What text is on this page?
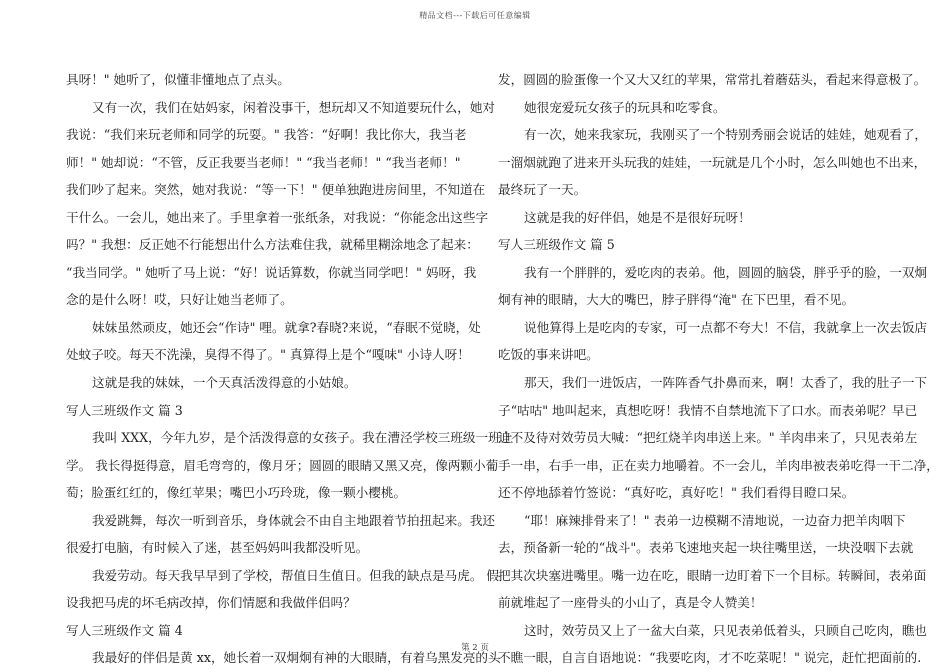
精品文档---下载后可任意编辑
具呀！" 她听了，似懂非懂地点了点头。
又有一次，我们在姑妈家，闲着没事干，想玩却又不知道要玩什么，她对
我说：“我们来玩老师和同学的玩耍。" 我答：“好啊！我比你大，我当老
师！" 她却说：“不管，反正我要当老师！" “我当老师！" “我当老师！"
我们吵了起来。突然，她对我说：“等一下！" 便单独跑进房间里，不知道在
干什么。一会儿，她出来了。手里拿着一张纸条，对我说：“你能念出这些字
吗？" 我想：反正她不行能想出什么方法难住我，就稀里糊涂地念了起来：
“我当同学。" 她听了马上说：“好！说话算数，你就当同学吧！" 妈呀，我
念的是什么呀！哎，只好让她当老师了。
妹妹虽然顽皮，她还会“作诗" 哩。就拿?春晓?来说，“春眠不觉晓，处
处蚊子咬。每天不洗澡，臭得不得了。" 真算得上是个“嘎味" 小诗人呀！
这就是我的妹妹，一个天真活泼得意的小姑娘。
写人三班级作文 篇 3
我叫 XXX，今年九岁，是个活泼得意的女孩子。我在漕泾学校三班级一班上
学。 我长得挺得意，眉毛弯弯的，像月牙；圆圆的眼睛又黑又亮，像两颗小葡
萄；脸蛋红红的，像红苹果；嘴巴小巧玲珑，像一颗小樱桃。
我爱跳舞，每次一听到音乐，身体就会不由自主地跟着节拍扭起来。我还
很爱打电脑，有时候入了迷，甚至妈妈叫我都没听见。
我爱劳动。每天我早早到了学校，帮值日生值日。但我的缺点是马虎。 假
设我把马虎的坏毛病改掉，你们情愿和我做伴侣吗？
写人三班级作文 篇 4
我最好的伴侣是黄 xx，她长着一双炯炯有神的大眼睛，有着乌黑发亮的头
发，圆圆的脸蛋像一个又大又红的苹果，常常扎着蘑菇头，看起来得意极了。
她很宠爱玩女孩子的玩具和吃零食。
有一次，她来我家玩，我刚买了一个特别秀丽会说话的娃娃，她观看了，
一溜烟就跑了进来开头玩我的娃娃，一玩就是几个小时，怎么叫她也不出来，
最终玩了一天。
这就是我的好伴侣，她是不是很好玩呀！
写人三班级作文 篇 5
我有一个胖胖的，爱吃肉的表弟。他，圆圆的脑袋，胖乎乎的脸，一双炯
炯有神的眼睛，大大的嘴巴，脖子胖得“淹" 在下巴里，看不见。
说他算得上是吃肉的专家，可一点都不夸大！不信，我就拿上一次去饭店
吃饭的事来讲吧。
那天，我们一进饭店，一阵阵香气扑鼻而来，啊！太香了，我的肚子一下
子“咕咕" 地叫起来，真想吃呀！我情不自禁地流下了口水。而表弟呢？早已
迫不及待对效劳员大喊：“把红烧羊肉串送上来。" 羊肉串来了，只见表弟左
手一串，右手一串，正在卖力地嚼着。不一会儿，羊肉串被表弟吃得一干二净，
还不停地舔着竹签说：“真好吃，真好吃！" 我们看得目瞪口呆。
“耶！麻辣排骨来了！" 表弟一边模糊不清地说，一边奋力把羊肉咽下
去，预备新一轮的“战斗"。表弟飞速地夹起一块往嘴里送，一块没咽下去就
把其次块塞进嘴里。嘴一边在吃，眼睛一边盯着下一个目标。转瞬间，表弟面
前就堆起了一座骨头的小山了，真是令人赞美！
这时，效劳员又上了一盆大白菜，只见表弟低着头，只顾自己吃肉，瞧也
不瞧一眼，自言自语地说：“我要吃肉，才不吃菜呢！" 说完，赶忙把面前的.
第 2 页
